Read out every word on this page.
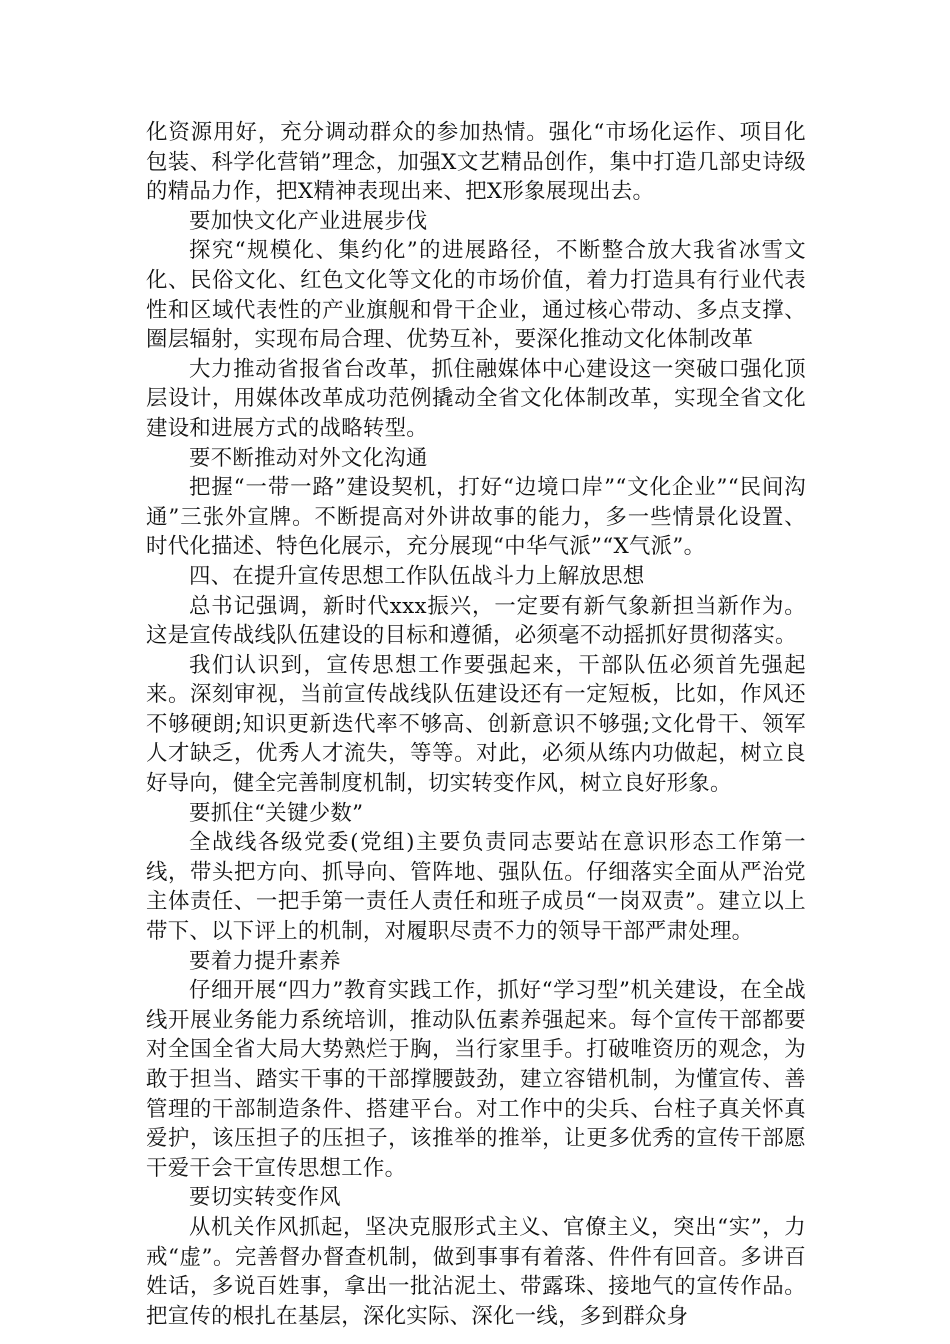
化资源用好，充分调动群众的参加热情。强化“市场化运作、项目化包装、科学化营销”理念，加强X文艺精品创作，集中打造几部史诗级的精品力作，把X精神表现出来、把X形象展现出去。

要加快文化产业进展步伐

探究“规模化、集约化”的进展路径，不断整合放大我省冰雪文化、民俗文化、红色文化等文化的市场价值，着力打造具有行业代表性和区域代表性的产业旗舰和骨干企业，通过核心带动、多点支撑、圈层辐射，实现布局合理、优势互补，要深化推动文化体制改革

大力推动省报省台改革，抓住融媒体中心建设这一突破口强化顶层设计，用媒体改革成功范例撬动全省文化体制改革，实现全省文化建设和进展方式的战略转型。

要不断推动对外文化沟通

把握“一带一路”建设契机，打好“边境口岸”“文化企业”“民间沟通”三张外宣牌。不断提高对外讲故事的能力，多一些情景化设置、时代化描述、特色化展示，充分展现“中华气派”“X气派”。

四、在提升宣传思想工作队伍战斗力上解放思想

总书记强调，新时代xxx振兴，一定要有新气象新担当新作为。这是宣传战线队伍建设的目标和遵循，必须毫不动摇抓好贯彻落实。

我们认识到，宣传思想工作要强起来，干部队伍必须首先强起来。深刻审视，当前宣传战线队伍建设还有一定短板，比如，作风还不够硬朗;知识更新迭代率不够高、创新意识不够强;文化骨干、领军人才缺乏，优秀人才流失，等等。对此，必须从练内功做起，树立良好导向，健全完善制度机制，切实转变作风，树立良好形象。

要抓住“关键少数”

全战线各级党委(党组)主要负责同志要站在意识形态工作第一线，带头把方向、抓导向、管阵地、强队伍。仔细落实全面从严治党主体责任、一把手第一责任人责任和班子成员“一岗双责”。建立以上带下、以下评上的机制，对履职尽责不力的领导干部严肃处理。

要着力提升素养

仔细开展“四力”教育实践工作，抓好“学习型”机关建设，在全战线开展业务能力系统培训，推动队伍素养强起来。每个宣传干部都要对全国全省大局大势熟烂于胸，当行家里手。打破唯资历的观念，为敢于担当、踏实干事的干部撑腰鼓劲，建立容错机制，为懂宣传、善管理的干部制造条件、搭建平台。对工作中的尖兵、台柱子真关怀真爱护，该压担子的压担子，该推举的推举，让更多优秀的宣传干部愿干爱干会干宣传思想工作。

要切实转变作风

从机关作风抓起，坚决克服形式主义、官僚主义，突出“实”，力戒“虚”。完善督办督查机制，做到事事有着落、件件有回音。多讲百姓话，多说百姓事，拿出一批沾泥土、带露珠、接地气的宣传作品。把宣传的根扎在基层，深化实际、深化一线，多到群众身
